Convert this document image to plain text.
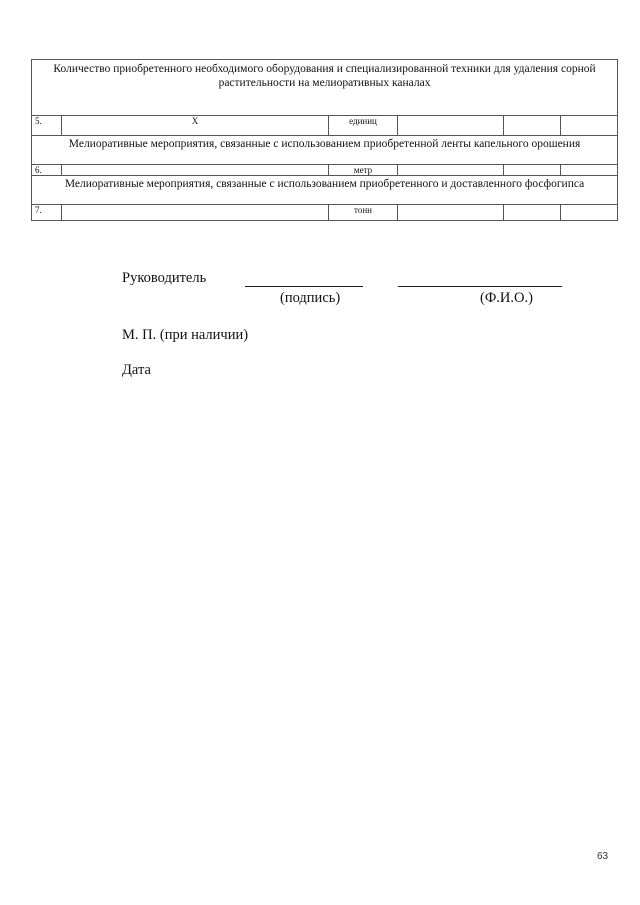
Количество приобретенного необходимого оборудования и специализированной техники для удаления сорной растительности на мелиоративных каналах					
5.	X	единиц			
Мелиоративные мероприятия, связанные с использованием приобретенной ленты капельного орошения					
6.		метр			
Мелиоративные мероприятия, связанные с использованием приобретенного и доставленного фосфогипса					
7.		тонн			
Руководитель
(подпись)	(Ф.И.О.)
М. П. (при наличии)
Дата
63
